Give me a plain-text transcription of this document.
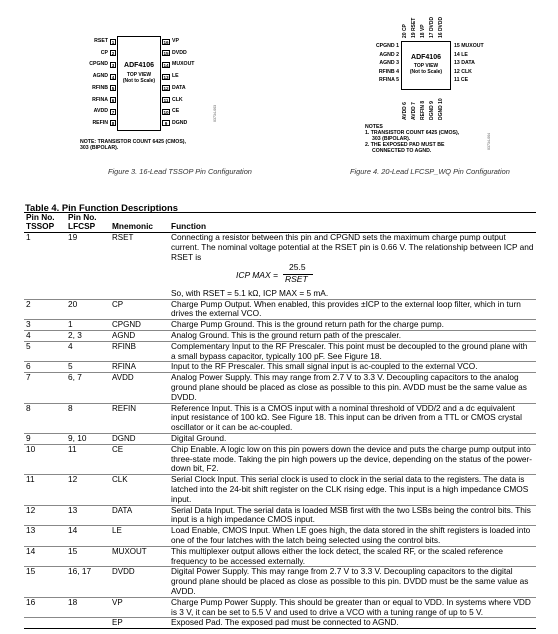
ADF4106
TOP VIEW
(Not to Scale)
RSET 1
CP 2
CPGND 3
AGND 4
RFINB 5
RFINA 6
AVDD 7
REFIN 8
16 VP
15 DVDD
14 MUXOUT
13 LE
12 DATA
11 CLK
10 CE
9 DGND
NOTE: TRANSISTOR COUNT 6425 (CMOS),
303 (BIPOLAR).
03734-003
Figure 3. 16-Lead TSSOP Pin Configuration
20 CP 19 RSET 18 VP 17 DVDD 16 DVDD
ADF4106
TOP VIEW
(Not to Scale)
CPGND 1
AGND 2
AGND 3
RFINB 4
RFINA 5
15 MUXOUT
14 LE
13 DATA
12 CLK
11 CE
AVDD 6 AVDD 7 REFIN 8 DGND 9 DGND 10
NOTES
1. TRANSISTOR COUNT 6425 (CMOS),
303 (BIPOLAR).
2. THE EXPOSED PAD MUST BE
CONNECTED TO AGND.
03734-004
Figure 4. 20-Lead LFCSP_WQ Pin Configuration
Table 4. Pin Function Descriptions
Pin No.
TSSOP	Pin No.
LFCSP	Mnemonic	Function
1	19	RSET	Connecting a resistor between this pin and CPGND sets the maximum charge pump output current. The nominal voltage potential at the RSET pin is 0.66 V. The relationship between ICP and RSET is
ICP MAX =
25.5
RSET
So, with RSET = 5.1 kΩ, ICP MAX = 5 mA.
2	20	CP	Charge Pump Output. When enabled, this provides ±ICP to the external loop filter, which in turn drives the external VCO.
3	1	CPGND	Charge Pump Ground. This is the ground return path for the charge pump.
4	2, 3	AGND	Analog Ground. This is the ground return path of the prescaler.
5	4	RFINB	Complementary Input to the RF Prescaler. This point must be decoupled to the ground plane with a small bypass capacitor, typically 100 pF. See Figure 18.
6	5	RFINA	Input to the RF Prescaler. This small signal input is ac-coupled to the external VCO.
7	6, 7	AVDD	Analog Power Supply. This may range from 2.7 V to 3.3 V. Decoupling capacitors to the analog ground plane should be placed as close as possible to this pin. AVDD must be the same value as DVDD.
8	8	REFIN	Reference Input. This is a CMOS input with a nominal threshold of VDD/2 and a dc equivalent input resistance of 100 kΩ. See Figure 18. This input can be driven from a TTL or CMOS crystal oscillator or it can be ac-coupled.
9	9, 10	DGND	Digital Ground.
10	11	CE	Chip Enable. A logic low on this pin powers down the device and puts the charge pump output into three-state mode. Taking the pin high powers up the device, depending on the status of the power-down bit, F2.
11	12	CLK	Serial Clock Input. This serial clock is used to clock in the serial data to the registers. The data is latched into the 24-bit shift register on the CLK rising edge. This input is a high impedance CMOS input.
12	13	DATA	Serial Data Input. The serial data is loaded MSB first with the two LSBs being the control bits. This input is a high impedance CMOS input.
13	14	LE	Load Enable, CMOS Input. When LE goes high, the data stored in the shift registers is loaded into one of the four latches with the latch being selected using the control bits.
14	15	MUXOUT	This multiplexer output allows either the lock detect, the scaled RF, or the scaled reference frequency to be accessed externally.
15	16, 17	DVDD	Digital Power Supply. This may range from 2.7 V to 3.3 V. Decoupling capacitors to the digital ground plane should be placed as close as possible to this pin. DVDD must be the same value as AVDD.
16	18	VP	Charge Pump Power Supply. This should be greater than or equal to VDD. In systems where VDD is 3 V, it can be set to 5.5 V and used to drive a VCO with a tuning range of up to 5 V.
		EP	Exposed Pad. The exposed pad must be connected to AGND.
